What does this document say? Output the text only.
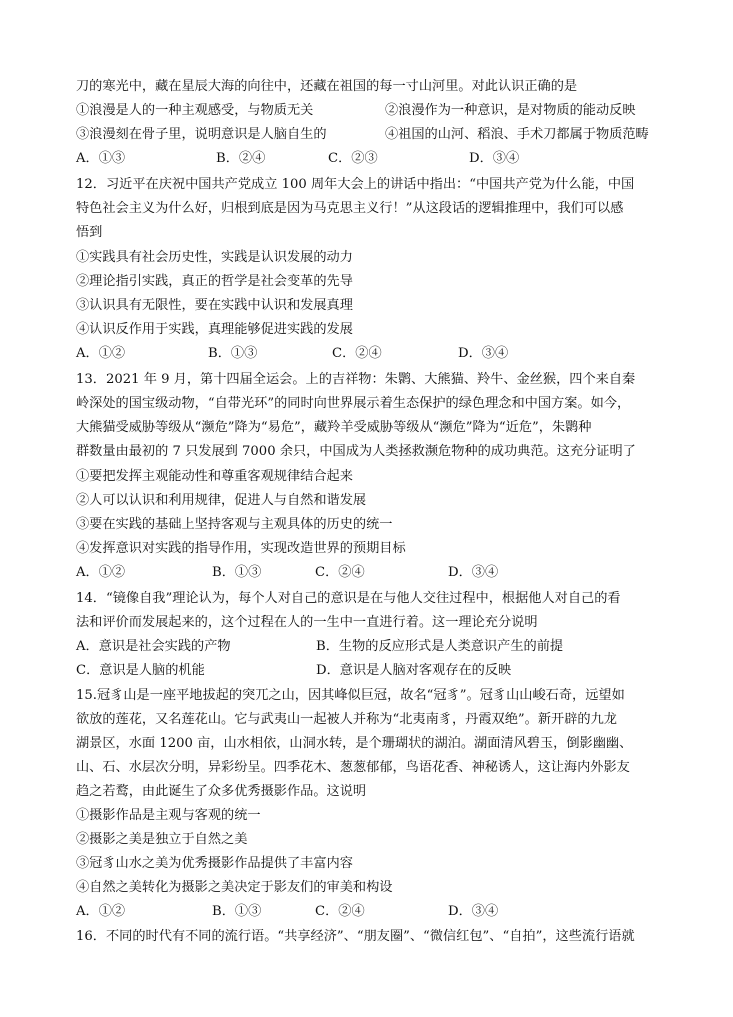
刀的寒光中，藏在星辰大海的向往中，还藏在祖国的每一寸山河里。对此认识正确的是
①浪漫是人的一种主观感受，与物质无关	②浪漫作为一种意识，是对物质的能动反映
③浪漫刻在骨子里，说明意识是人脑自生的	④祖国的山河、稻浪、手术刀都属于物质范畴
A．①③	B．②④	C．②③	D．③④
12．习近平在庆祝中国共产党成立 100 周年大会上的讲话中指出：“中国共产党为什么能，中国
特色社会主义为什么好，归根到底是因为马克思主义行！”从这段话的逻辑推理中，我们可以感
悟到
①实践具有社会历史性，实践是认识发展的动力
②理论指引实践，真正的哲学是社会变革的先导
③认识具有无限性，要在实践中认识和发展真理
④认识反作用于实践，真理能够促进实践的发展
A．①②	B．①③	C．②④	D．③④
13．2021 年 9 月，第十四届全运会。上的吉祥物：朱鹮、大熊猫、羚牛、金丝猴，四个来自秦
岭深处的国宝级动物，“自带光环”的同时向世界展示着生态保护的绿色理念和中国方案。如今，
大熊猫受威胁等级从“濒危”降为“易危”，藏羚羊受威胁等级从“濒危”降为“近危”，朱鹮种
群数量由最初的 7 只发展到 7000 余只，中国成为人类拯救濒危物种的成功典范。这充分证明了
①要把发挥主观能动性和尊重客观规律结合起来
②人可以认识和利用规律，促进人与自然和谐发展
③要在实践的基础上坚持客观与主观具体的历史的统一
④发挥意识对实践的指导作用，实现改造世界的预期目标
A．①②	B．①③	C．②④	D．③④
14．“镜像自我”理论认为，每个人对自己的意识是在与他人交往过程中，根据他人对自己的看
法和评价而发展起来的，这个过程在人的一生中一直进行着。这一理论充分说明
A．意识是社会实践的产物	B．生物的反应形式是人类意识产生的前提
C．意识是人脑的机能	D．意识是人脑对客观存在的反映
15.冠豸山是一座平地拔起的突兀之山，因其峰似巨冠，故名“冠豸”。冠豸山山峻石奇，远望如
欲放的莲花，又名莲花山。它与武夷山一起被人并称为“北夷南豸，丹霞双绝”。新开辟的九龙
湖景区，水面 1200 亩，山水相依，山洞水转，是个珊瑚状的湖泊。湖面清风碧玉，倒影幽幽、
山、石、水层次分明，异彩纷呈。四季花木、葱葱郁郁，鸟语花香、神秘诱人，这让海内外影友
趋之若鹜，由此诞生了众多优秀摄影作品。这说明
①摄影作品是主观与客观的统一
②摄影之美是独立于自然之美
③冠豸山水之美为优秀摄影作品提供了丰富内容
④自然之美转化为摄影之美决定于影友们的审美和构设
A．①②	B．①③	C．②④	D．③④
16．不同的时代有不同的流行语。“共享经济”、“朋友圈”、“微信红包”、“自拍”，这些流行语就
